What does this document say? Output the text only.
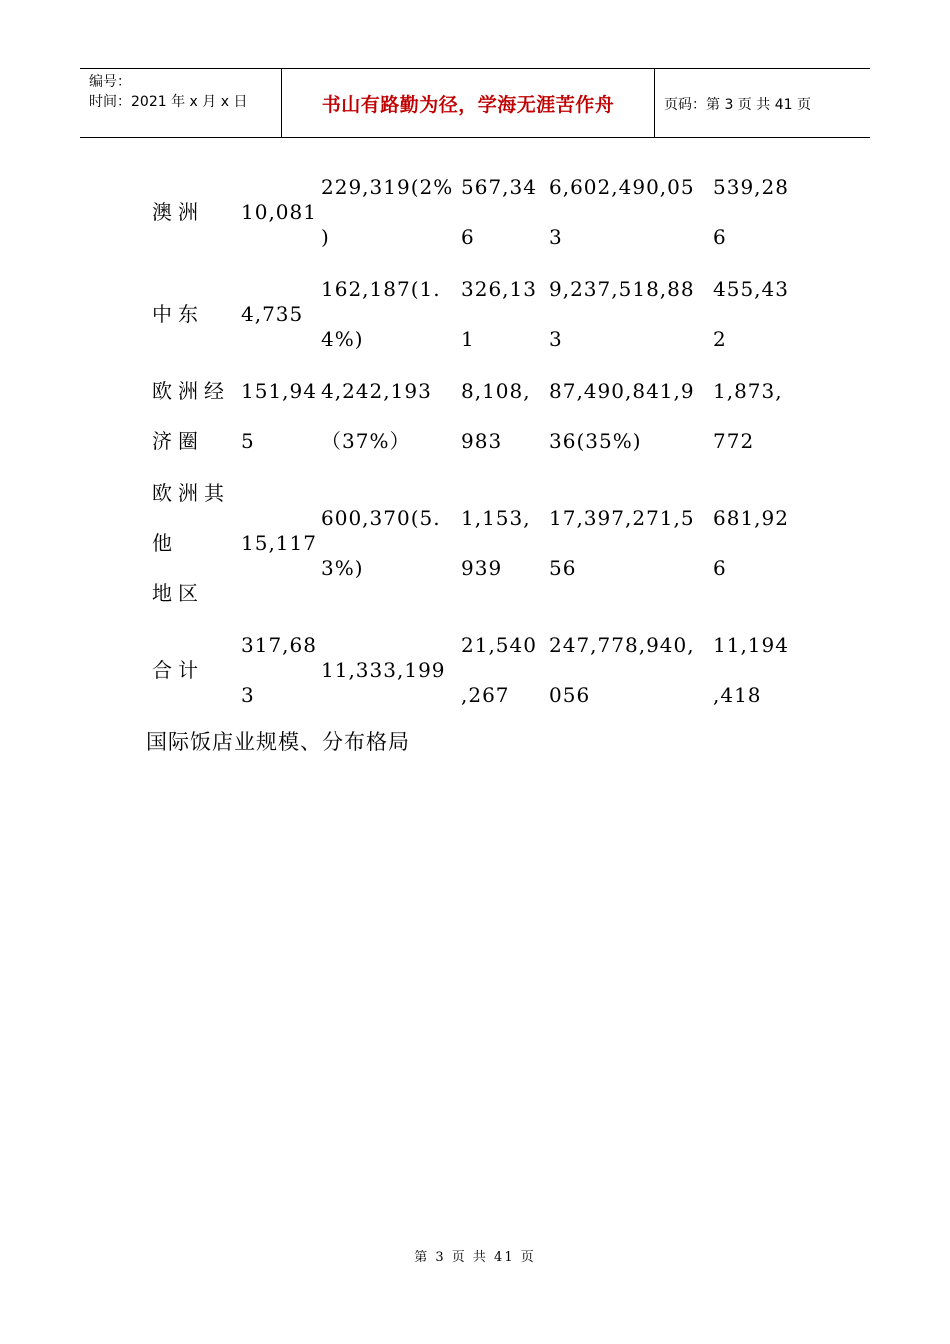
编号：
时间：2021 年 x 月 x 日	书山有路勤为径，学海无涯苦作舟	页码：第 3 页 共 41 页
澳洲 10,081
229,319(2%
)
567,34
6
6,602,490,05
3
539,28
6
中东 4,735
162,187(1.
4%)
326,13
1
9,237,518,88
3
455,43
2
欧洲经
济圈
151,94
5
4,242,193
（37%）
8,108,
983
87,490,841,9
36(35%)
1,873,
772
欧洲其
他
地区
15,117
600,370(5.
3%)
1,153,
939
17,397,271,5
56
681,92
6
合计
317,68
3
11,333,199
21,540
,267
247,778,940,
056
11,194
,418
国际饭店业规模、分布格局
第 3 页 共 41 页
